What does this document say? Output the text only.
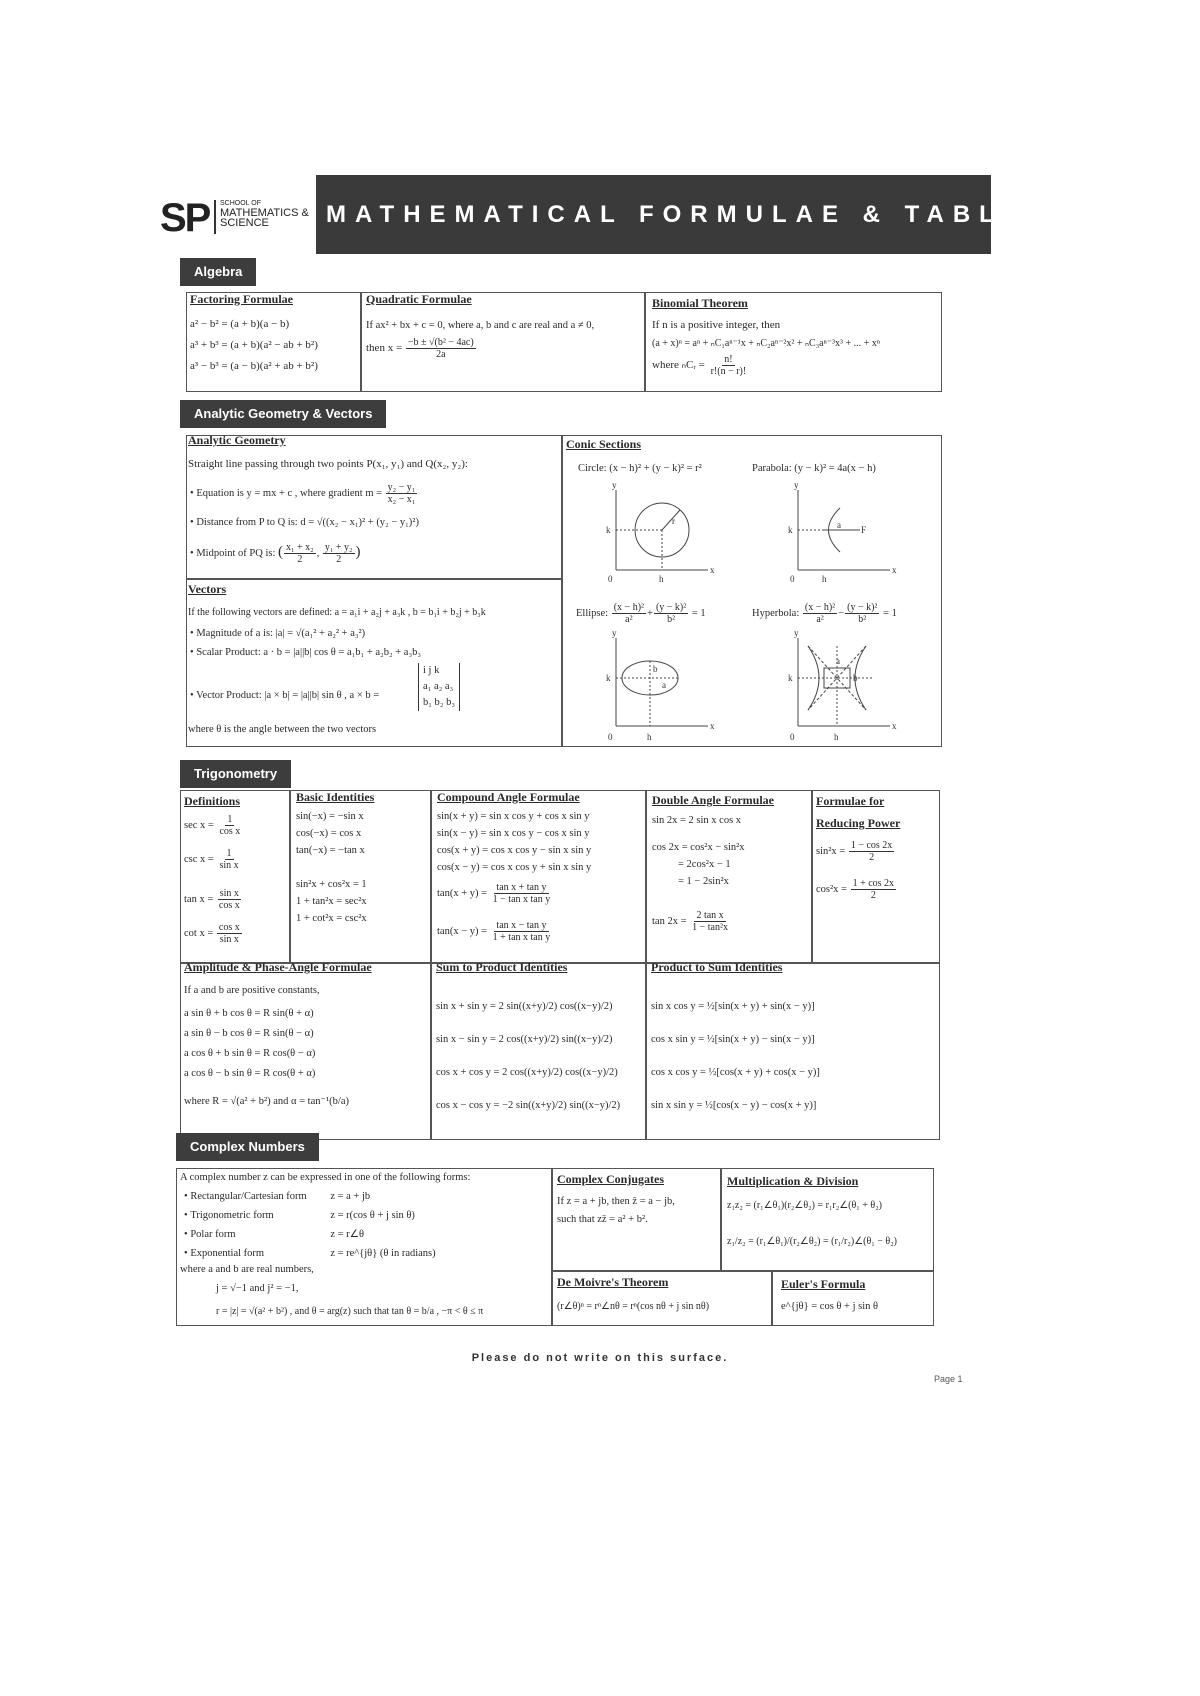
SP SCHOOL OF
MATHEMATICS &
SCIENCE	MATHEMATICAL FORMULAE & TABLES
Algebra
Factoring Formulae
a² − b² = (a + b)(a − b)
a³ + b³ = (a + b)(a² − ab + b²)
a³ − b³ = (a − b)(a² + ab + b²)
Quadratic Formulae
If ax² + bx + c = 0, where a, b and c are real and a ≠ 0,
then $x = \frac{\text{−b ± √(b² − 4ac)}}{2a}$
Binomial Theorem
If n is a positive integer, then
(a + x)ⁿ = aⁿ + ₙC₁aⁿ⁻¹x + ₙC₂aⁿ⁻²x² + ₙC₃aⁿ⁻³x³ + ... + xⁿ
where ₙCᵣ = $\frac{n!}{r!(n - r)!}$
Analytic Geometry & Vectors
Analytic Geometry
Straight line passing through two points P(x₁, y₁) and Q(x₂, y₂):
• Equation is y = mx + c , where gradient $m = \frac{\text{y₂ − y₁}}{\text{x₂ − x₁}}$
• Distance from P to Q is: d = √((x₂ − x₁)² + (y₂ − y₁)²)
• Midpoint of PQ is: ( $\frac{\text{x₁ + x₂}}{2}$ , $\frac{\text{y₁ + y₂}}{2}$ )
Vectors
If the following vectors are defined: a = a₁i + a₂j + a₃k , b = b₁i + b₂j + b₃k
• Magnitude of a is: |a| = √(a₁² + a₂² + a₃²)
• Scalar Product: a · b = |a||b| cos θ = a₁b₁ + a₂b₂ + a₃b₃
• Vector Product: |a × b| = |a||b| sin θ , a × b =
i j k
a₁ a₂ a₃
b₁ b₂ b₃
where θ is the angle between the two vectors
Conic Sections
Circle: (x − h)² + (y − k)² = r²	Parabola: (y − k)² = 4a(x − h)
y
x
k
h
0
r
y
x
k
h
0
a F
y
x
k
h
0
a
b
y
x
k
h
0
a
b
Ellipse: $\frac{\text{(x − h)²}}{\text{a²}} + \frac{\text{(y − k)²}}{\text{b²}} = 1$	Hyperbola: $\frac{\text{(x − h)²}}{\text{a²}} - \frac{\text{(y − k)²}}{\text{b²}} = 1$
Trigonometry
Definitions
$\sec x = \frac{1}{\text{cos x}}$
$\csc x = \frac{1}{\text{sin x}}$
$\tan x = \frac{\text{sin x}}{\text{cos x}}$
$\cot x = \frac{\text{cos x}}{\text{sin x}}$
Basic Identities
sin(−x) = −sin x
cos(−x) = cos x
tan(−x) = −tan x
sin²x + cos²x = 1
1 + tan²x = sec²x
1 + cot²x = csc²x
Compound Angle Formulae
sin(x + y) = sin x cos y + cos x sin y
sin(x − y) = sin x cos y − cos x sin y
cos(x + y) = cos x cos y − sin x sin y
cos(x − y) = cos x cos y + sin x sin y
$\tan(x + y) = \frac{\text{tan x + tan y}}{\text{1 − tan x tan y}}$
$\tan(x - y) = \frac{\text{tan x − tan y}}{\text{1 + tan x tan y}}$
Double Angle Formulae
sin 2x = 2 sin x cos x
cos 2x = cos²x − sin²x
= 2cos²x − 1
= 1 − 2sin²x
$\tan 2x = \frac{\text{2 tan x}}{\text{1 − tan²x}}$
Formulae for
Reducing Power
$\sin^2x = \frac{1 - \cos 2x}{2}$
$\cos^2x = \frac{1 + \cos 2x}{2}$
Amplitude & Phase-Angle Formulae
If a and b are positive constants,
a sin θ + b cos θ = R sin(θ + α)
a sin θ − b cos θ = R sin(θ − α)
a cos θ + b sin θ = R cos(θ − α)
a cos θ − b sin θ = R cos(θ + α)
where R = √(a² + b²) and α = tan⁻¹(b/a)
Sum to Product Identities
sin x + sin y = 2 sin((x+y)/2) cos((x−y)/2)
sin x − sin y = 2 cos((x+y)/2) sin((x−y)/2)
cos x + cos y = 2 cos((x+y)/2) cos((x−y)/2)
cos x − cos y = −2 sin((x+y)/2) sin((x−y)/2)
Product to Sum Identities
sin x cos y = ½[sin(x + y) + sin(x − y)]
cos x sin y = ½[sin(x + y) − sin(x − y)]
cos x cos y = ½[cos(x + y) + cos(x − y)]
sin x sin y = ½[cos(x − y) − cos(x + y)]
Complex Numbers
A complex number z can be expressed in one of the following forms:
• Rectangular/Cartesian form z = a + jb
• Trigonometric form	z = r(cos θ + j sin θ)
• Polar form	z = r∠θ
• Exponential form	z = re^{jθ} (θ in radians)
where a and b are real numbers,
j = √−1 and j² = −1,
r = |z| = √(a² + b²) , and θ = arg(z) such that tan θ = b/a , −π < θ ≤ π
Complex Conjugates
If z = a + jb, then z̄ = a − jb,
such that zz̄ = a² + b².
Multiplication & Division
z₁z₂ = (r₁∠θ₁)(r₂∠θ₂) = r₁r₂∠(θ₁ + θ₂)
z₁/z₂ = (r₁∠θ₁)/(r₂∠θ₂) = (r₁/r₂)∠(θ₁ − θ₂)
De Moivre's Theorem
(r∠θ)ⁿ = rⁿ∠nθ = rⁿ(cos nθ + j sin nθ)
Euler's Formula
e^{jθ} = cos θ + j sin θ
Please do not write on this surface.
Page 1
